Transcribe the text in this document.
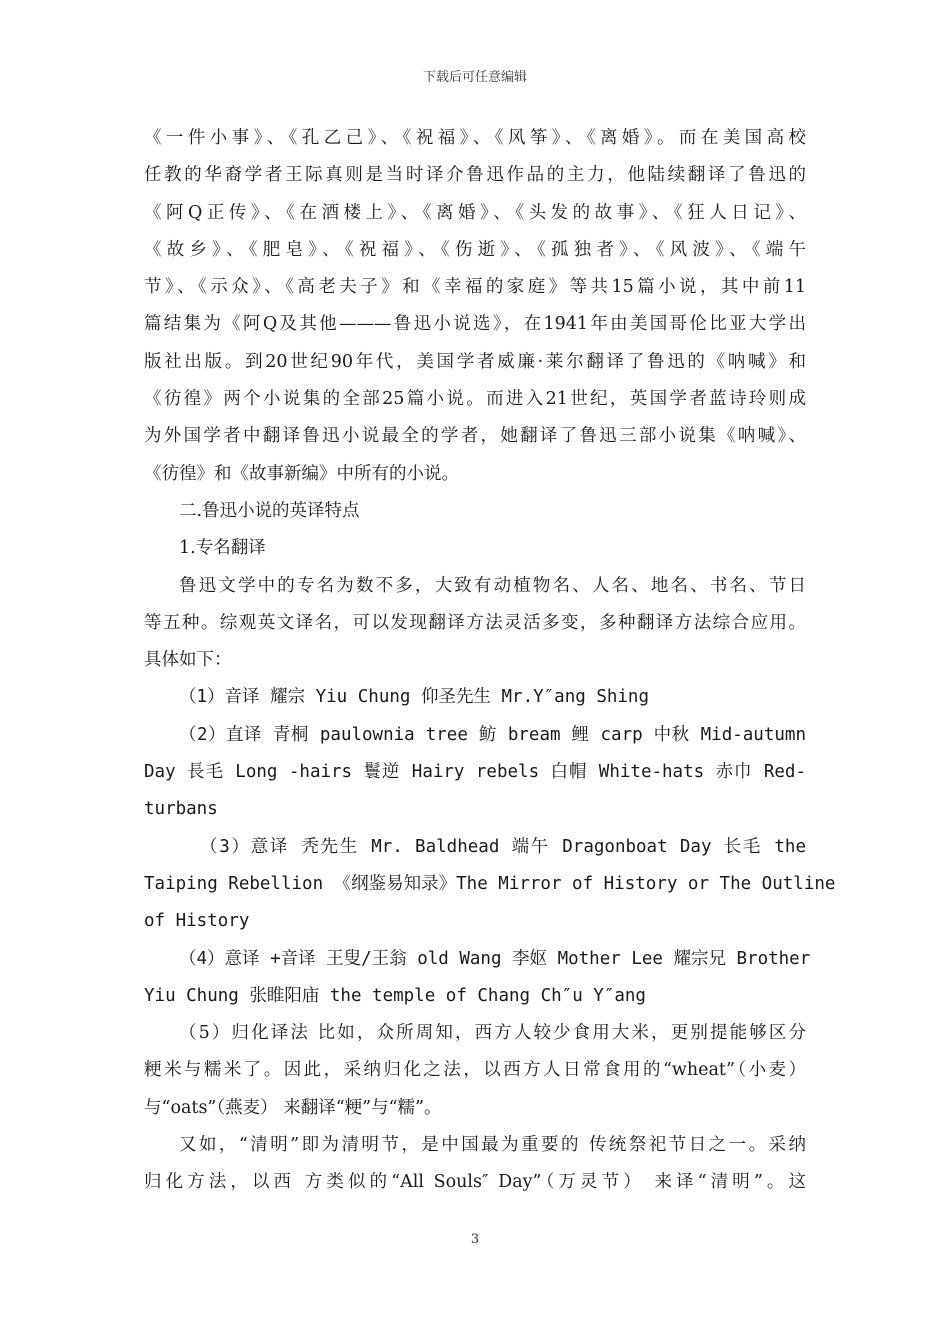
下载后可任意编辑
《一件小事》、《孔乙己》、《祝福》、《风筝》、《离婚》。而在美国高校
任教的华裔学者王际真则是当时译介鲁迅作品的主力，他陆续翻译了鲁迅的
《阿Q正传》、《在酒楼上》、《离婚》、《头发的故事》、《狂人日记》、
《故乡》、《肥皂》、《祝福》、《伤逝》、《孤独者》、《风波》、《端午
节》、《示众》、《高老夫子》和《幸福的家庭》等共15篇小说，其中前11
篇结集为《阿Q及其他———鲁迅小说选》，在1941年由美国哥伦比亚大学出
版社出版。到20世纪90年代，美国学者威廉·莱尔翻译了鲁迅的《呐喊》和
《彷徨》两个小说集的全部25篇小说。而进入21世纪，英国学者蓝诗玲则成
为外国学者中翻译鲁迅小说最全的学者，她翻译了鲁迅三部小说集《呐喊》、
《彷徨》和《故事新编》中所有的小说。
二.鲁迅小说的英译特点
1.专名翻译
鲁迅文学中的专名为数不多，大致有动植物名、人名、地名、书名、节日
等五种。综观英文译名，可以发现翻译方法灵活多变，多种翻译方法综合应用。
具体如下：
（1）音译 耀宗 Yiu Chung 仰圣先生 Mr.Y″ang Shing
（2）直译 青桐 paulownia tree 鲂 bream 鲤 carp 中秋 Mid-autumn
Day 長毛 Long -hairs 鬟逆 Hairy rebels 白帽 White-hats 赤巾 Red-
turbans
（3）意译 秃先生 Mr. Baldhead 端午 Dragonboat Day 长毛 the
Taiping Rebellion 《纲鉴易知录》The Mirror of History or The Outline
of History
（4）意译 +音译 王叟/王翁 old Wang 李妪 Mother Lee 耀宗兄 Brother
Yiu Chung 张睢阳庙 the temple of Chang Ch″u Y″ang
（5）归化译法 比如，众所周知，西方人较少食用大米，更别提能够区分
粳米与糯米了。因此，采纳归化之法，以西方人日常食用的“wheat”（小麦）
与“oats”（燕麦） 来翻译“粳”与“糯”。
又如，“清明”即为清明节，是中国最为重要的 传统祭祀节日之一。采纳
归化方法，以西 方类似的“All Souls″ Day”（万灵节） 来译“清明”。这
3
